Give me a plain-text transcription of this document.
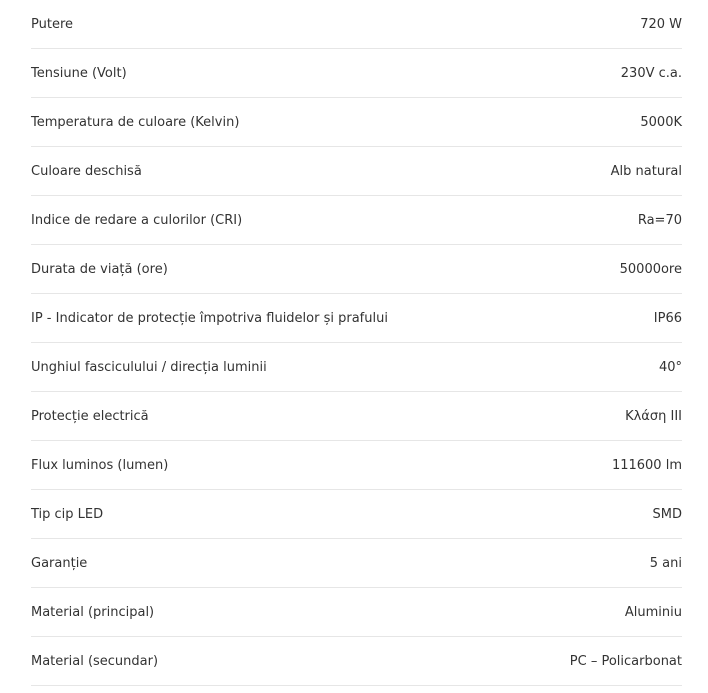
Putere	720 W
Tensiune (Volt)	230V c.a.
Temperatura de culoare (Kelvin)	5000K
Culoare deschisă	Alb natural
Indice de redare a culorilor (CRI)	Ra=70
Durata de viață (ore)	50000ore
IP - Indicator de protecție împotriva fluidelor și prafului	IP66
Unghiul fasciculului / direcția luminii	40°
Protecție electrică	Κλάση III
Flux luminos (lumen)	111600 lm
Tip cip LED	SMD
Garanție	5 ani
Material (principal)	Aluminiu
Material (secundar)	PC – Policarbonat
